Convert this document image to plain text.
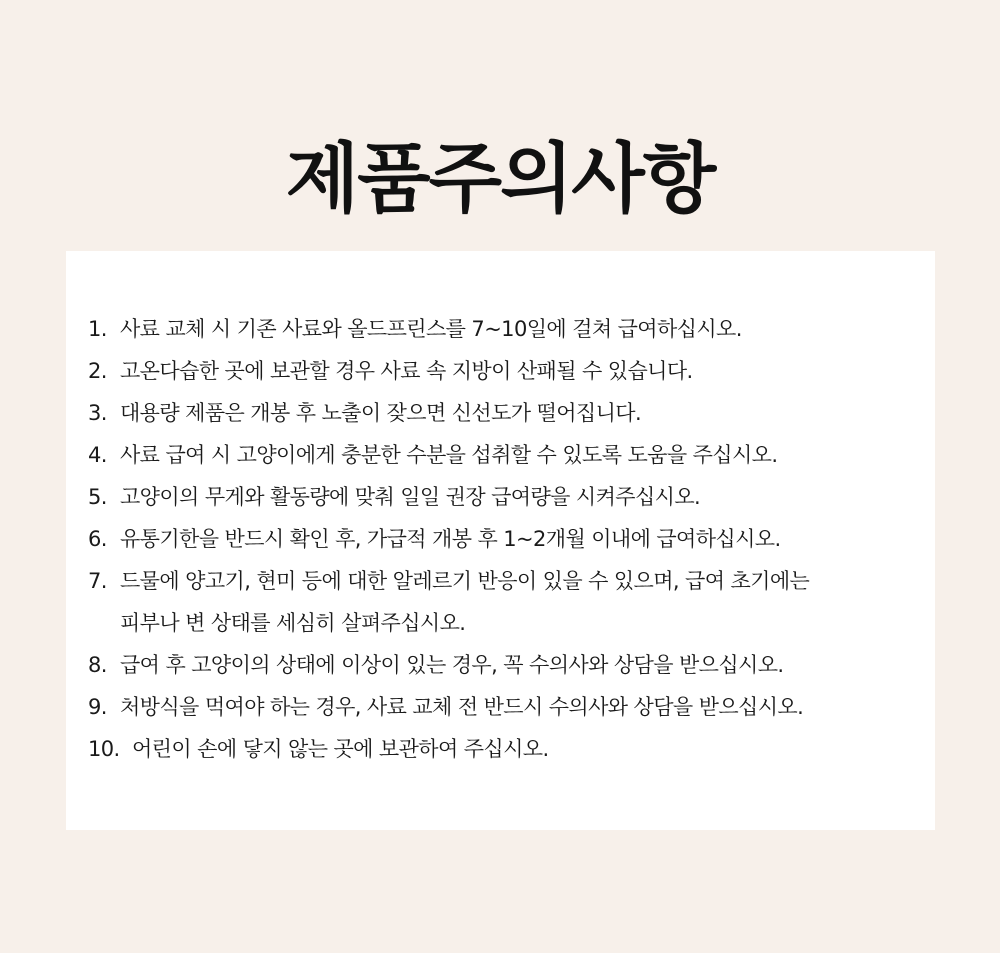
제품주의사항
1. 사료 교체 시 기존 사료와 올드프린스를 7~10일에 걸쳐 급여하십시오.
2. 고온다습한 곳에 보관할 경우 사료 속 지방이 산패될 수 있습니다.
3. 대용량 제품은 개봉 후 노출이 잦으면 신선도가 떨어집니다.
4. 사료 급여 시 고양이에게 충분한 수분을 섭취할 수 있도록 도움을 주십시오.
5. 고양이의 무게와 활동량에 맞춰 일일 권장 급여량을 시켜주십시오.
6. 유통기한을 반드시 확인 후, 가급적 개봉 후 1~2개월 이내에 급여하십시오.
7. 드물에 양고기, 현미 등에 대한 알레르기 반응이 있을 수 있으며, 급여 초기에는
피부나 변 상태를 세심히 살펴주십시오.
8. 급여 후 고양이의 상태에 이상이 있는 경우, 꼭 수의사와 상담을 받으십시오.
9. 처방식을 먹여야 하는 경우, 사료 교체 전 반드시 수의사와 상담을 받으십시오.
10. 어린이 손에 닿지 않는 곳에 보관하여 주십시오.
